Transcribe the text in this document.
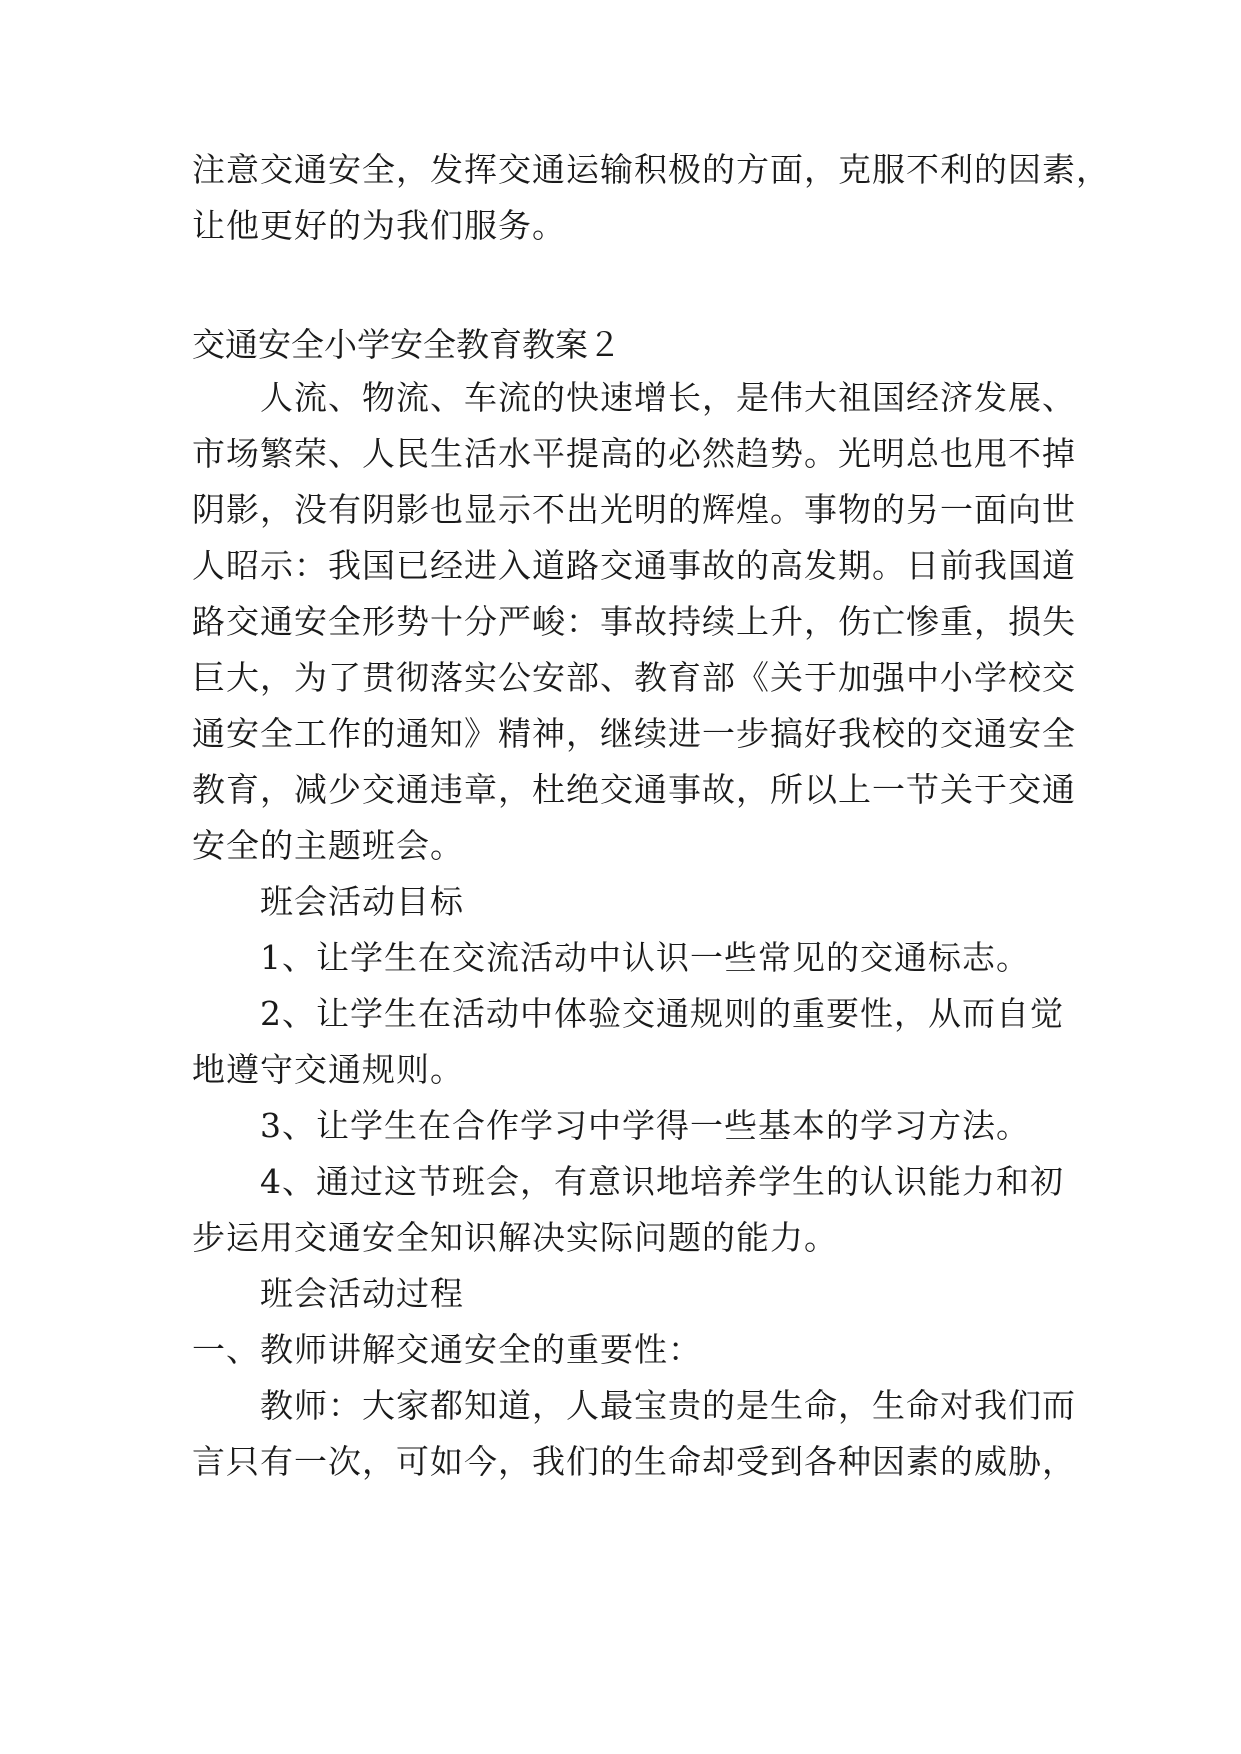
注意交通安全，发挥交通运输积极的方面，克服不利的因素，
让他更好的为我们服务。
交通安全小学安全教育教案２
　　人流、物流、车流的快速增长，是伟大祖国经济发展、
市场繁荣、人民生活水平提高的必然趋势。光明总也甩不掉
阴影，没有阴影也显示不出光明的辉煌。事物的另一面向世
人昭示：我国已经进入道路交通事故的高发期。日前我国道
路交通安全形势十分严峻：事故持续上升，伤亡惨重，损失
巨大，为了贯彻落实公安部、教育部《关于加强中小学校交
通安全工作的通知》精神，继续进一步搞好我校的交通安全
教育，减少交通违章，杜绝交通事故，所以上一节关于交通
安全的主题班会。
　　班会活动目标
　　1、让学生在交流活动中认识一些常见的交通标志。
　　2、让学生在活动中体验交通规则的重要性，从而自觉
地遵守交通规则。
　　3、让学生在合作学习中学得一些基本的学习方法。
　　4、通过这节班会，有意识地培养学生的认识能力和初
步运用交通安全知识解决实际问题的能力。
　　班会活动过程
一、教师讲解交通安全的重要性：
　　教师：大家都知道，人最宝贵的是生命，生命对我们而
言只有一次，可如今，我们的生命却受到各种因素的威胁，
